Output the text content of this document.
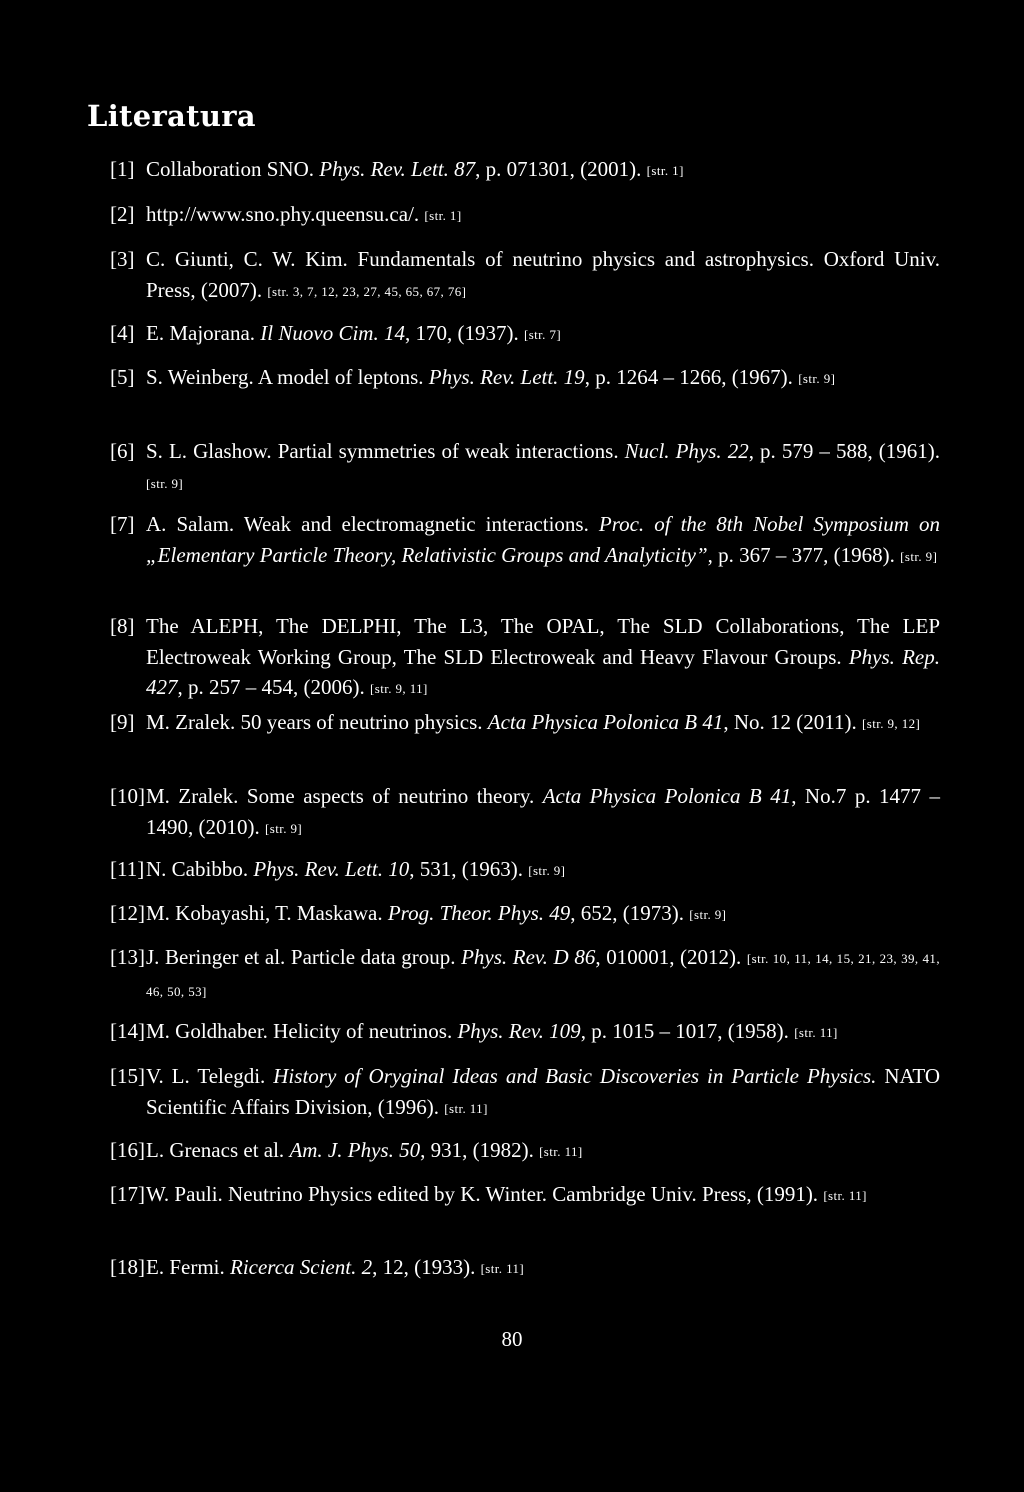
Literatura
[1] Collaboration SNO. Phys. Rev. Lett. 87, p. 071301, (2001). [str. 1]
[2] http://www.sno.phy.queensu.ca/. [str. 1]
[3] C. Giunti, C. W. Kim. Fundamentals of neutrino physics and astrophysics. Oxford Univ. Press, (2007). [str. 3, 7, 12, 23, 27, 45, 65, 67, 76]
[4] E. Majorana. Il Nuovo Cim. 14, 170, (1937). [str. 7]
[5] S. Weinberg. A model of leptons. Phys. Rev. Lett. 19, p. 1264 – 1266, (1967). [str. 9]
[6] S. L. Glashow. Partial symmetries of weak interactions. Nucl. Phys. 22, p. 579 – 588, (1961). [str. 9]
[7] A. Salam. Weak and electromagnetic interactions. Proc. of the 8th Nobel Symposium on „Elementary Particle Theory, Relativistic Groups and Analyticity”, p. 367 – 377, (1968). [str. 9]
[8] The ALEPH, The DELPHI, The L3, The OPAL, The SLD Collaborations, The LEP Electroweak Working Group, The SLD Electroweak and Heavy Flavour Groups. Phys. Rep. 427, p. 257 – 454, (2006). [str. 9, 11]
[9] M. Zralek. 50 years of neutrino physics. Acta Physica Polonica B 41, No. 12 (2011). [str. 9, 12]
[10] M. Zralek. Some aspects of neutrino theory. Acta Physica Polonica B 41, No.7 p. 1477 – 1490, (2010). [str. 9]
[11] N. Cabibbo. Phys. Rev. Lett. 10, 531, (1963). [str. 9]
[12] M. Kobayashi, T. Maskawa. Prog. Theor. Phys. 49, 652, (1973). [str. 9]
[13] J. Beringer et al. Particle data group. Phys. Rev. D 86, 010001, (2012). [str. 10, 11, 14, 15, 21, 23, 39, 41, 46, 50, 53]
[14] M. Goldhaber. Helicity of neutrinos. Phys. Rev. 109, p. 1015 – 1017, (1958). [str. 11]
[15] V. L. Telegdi. History of Oryginal Ideas and Basic Discoveries in Particle Physics. NATO Scientific Affairs Division, (1996). [str. 11]
[16] L. Grenacs et al. Am. J. Phys. 50, 931, (1982). [str. 11]
[17] W. Pauli. Neutrino Physics edited by K. Winter. Cambridge Univ. Press, (1991). [str. 11]
[18] E. Fermi. Ricerca Scient. 2, 12, (1933). [str. 11]
80
